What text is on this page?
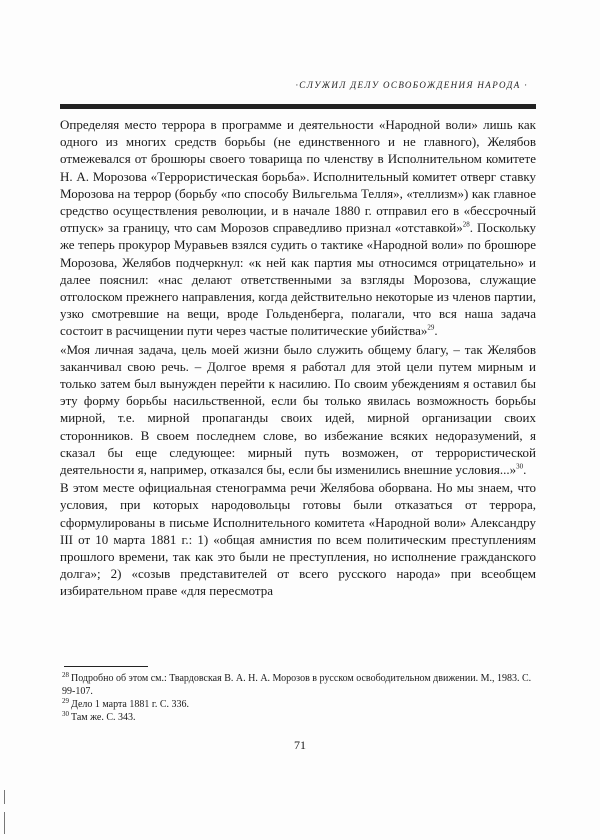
·СЛУЖИЛ ДЕЛУ ОСВОБОЖДЕНИЯ НАРОДА ·

Определяя место террора в программе и деятельности «Народной воли» лишь как одного из многих средств борьбы (не единственного и не главного), Желябов отмежевался от брошюры своего товарища по членству в Исполнительном комитете Н. А. Морозова «Террористическая борьба». Исполнительный комитет отверг ставку Морозова на террор (борьбу «по способу Вильгельма Телля», «теллизм») как главное средство осуществления революции, и в начале 1880 г. отправил его в «бессрочный отпуск» за границу, что сам Морозов справедливо признал «отставкой»$^{28}$. Поскольку же теперь прокурор Муравьев взялся судить о тактике «Народной воли» по брошюре Морозова, Желябов подчеркнул: «к ней как партия мы относимся отрицательно» и далее пояснил: «нас делают ответственными за взгляды Морозова, служащие отголоском прежнего направления, когда действительно некоторые из членов партии, узко смотревшие на вещи, вроде Гольденберга, полагали, что вся наша задача состоит в расчищении пути через частые политические убийства»$^{29}$.

«Моя личная задача, цель моей жизни было служить общему благу, – так Желябов заканчивал свою речь. – Долгое время я работал для этой цели путем мирным и только затем был вынужден перейти к насилию. По своим убеждениям я оставил бы эту форму борьбы насильственной, если бы только явилась возможность борьбы мирной, т.е. мирной пропаганды своих идей, мирной организации своих сторонников. В своем последнем слове, во избежание всяких недоразумений, я сказал бы еще следующее: мирный путь возможен, от террористической деятельности я, например, отказался бы, если бы изменились внешние условия...»$^{30}$.

В этом месте официальная стенограмма речи Желябова оборвана. Но мы знаем, что условия, при которых народовольцы готовы были отказаться от террора, сформулированы в письме Исполнительного комитета «Народной воли» Александру III от 10 марта 1881 г.: 1) «общая амнистия по всем политическим преступлениям прошлого времени, так как это были не преступления, но исполнение гражданского долга»; 2) «созыв представителей от всего русского народа» при всеобщем избирательном праве «для пересмотра

$^{28}$ Подробно об этом см.: Твардовская В. А. Н. А. Морозов в русском освободительном движении. М., 1983. С. 99-107.

$^{29}$ Дело 1 марта 1881 г. С. 336.

$^{30}$ Там же. С. 343.

71
